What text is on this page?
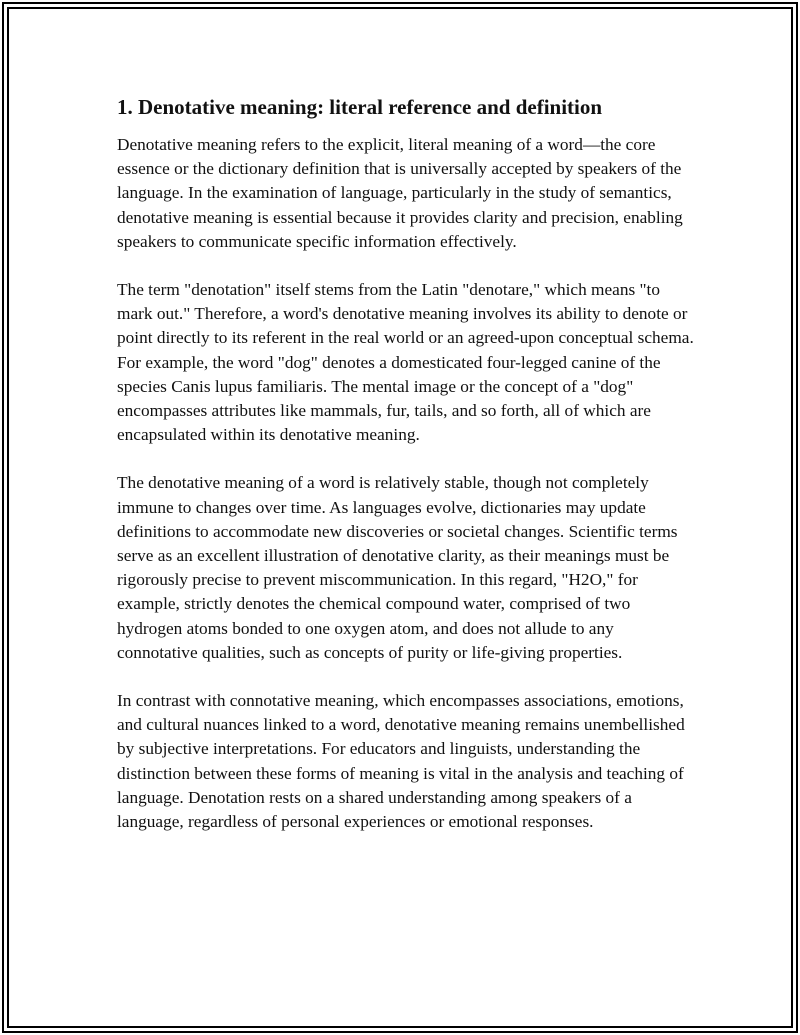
1. Denotative meaning: literal reference and definition

Denotative meaning refers to the explicit, literal meaning of a word—the core essence or the dictionary definition that is universally accepted by speakers of the language. In the examination of language, particularly in the study of semantics, denotative meaning is essential because it provides clarity and precision, enabling speakers to communicate specific information effectively.

The term "denotation" itself stems from the Latin "denotare," which means "to mark out." Therefore, a word's denotative meaning involves its ability to denote or point directly to its referent in the real world or an agreed-upon conceptual schema. For example, the word "dog" denotes a domesticated four-legged canine of the species Canis lupus familiaris. The mental image or the concept of a "dog" encompasses attributes like mammals, fur, tails, and so forth, all of which are encapsulated within its denotative meaning.

The denotative meaning of a word is relatively stable, though not completely immune to changes over time. As languages evolve, dictionaries may update definitions to accommodate new discoveries or societal changes. Scientific terms serve as an excellent illustration of denotative clarity, as their meanings must be rigorously precise to prevent miscommunication. In this regard, "H2O," for example, strictly denotes the chemical compound water, comprised of two hydrogen atoms bonded to one oxygen atom, and does not allude to any connotative qualities, such as concepts of purity or life-giving properties.

In contrast with connotative meaning, which encompasses associations, emotions, and cultural nuances linked to a word, denotative meaning remains unembellished by subjective interpretations. For educators and linguists, understanding the distinction between these forms of meaning is vital in the analysis and teaching of language. Denotation rests on a shared understanding among speakers of a language, regardless of personal experiences or emotional responses.
